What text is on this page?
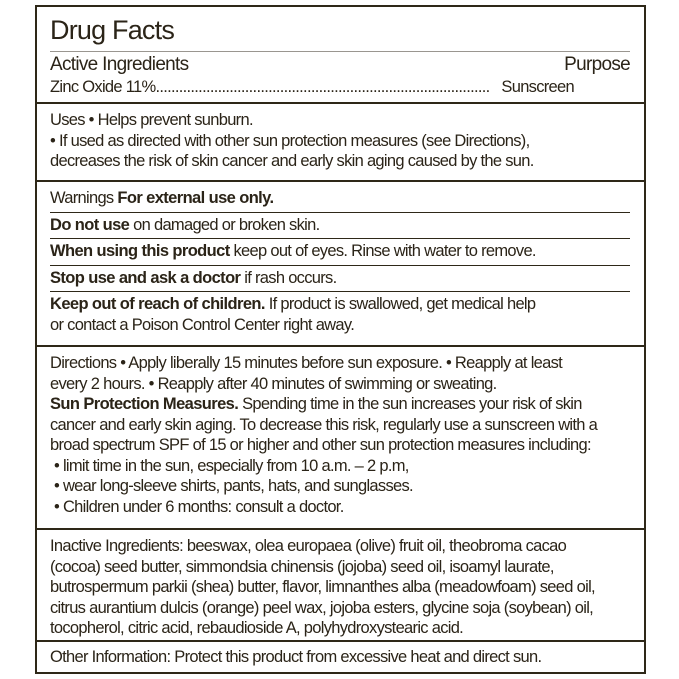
Drug Facts
Active Ingredients	Purpose
Zinc Oxide 11% ...................................................................................... Sunscreen
Uses • Helps prevent sunburn.
• If used as directed with other sun protection measures (see Directions),
decreases the risk of skin cancer and early skin aging caused by the sun.
Warnings For external use only.
Do not use on damaged or broken skin.
When using this product keep out of eyes. Rinse with water to remove.
Stop use and ask a doctor if rash occurs.
Keep out of reach of children. If product is swallowed, get medical help
or contact a Poison Control Center right away.
Directions • Apply liberally 15 minutes before sun exposure. • Reapply at least
every 2 hours. • Reapply after 40 minutes of swimming or sweating.
Sun Protection Measures. Spending time in the sun increases your risk of skin
cancer and early skin aging. To decrease this risk, regularly use a sunscreen with a
broad spectrum SPF of 15 or higher and other sun protection measures including:
• limit time in the sun, especially from 10 a.m. – 2 p.m,
• wear long-sleeve shirts, pants, hats, and sunglasses.
• Children under 6 months: consult a doctor.
Inactive Ingredients: beeswax, olea europaea (olive) fruit oil, theobroma cacao
(cocoa) seed butter, simmondsia chinensis (jojoba) seed oil, isoamyl laurate,
butrospermum parkii (shea) butter, flavor, limnanthes alba (meadowfoam) seed oil,
citrus aurantium dulcis (orange) peel wax, jojoba esters, glycine soja (soybean) oil,
tocopherol, citric acid, rebaudioside A, polyhydroxystearic acid.
Other Information: Protect this product from excessive heat and direct sun.
